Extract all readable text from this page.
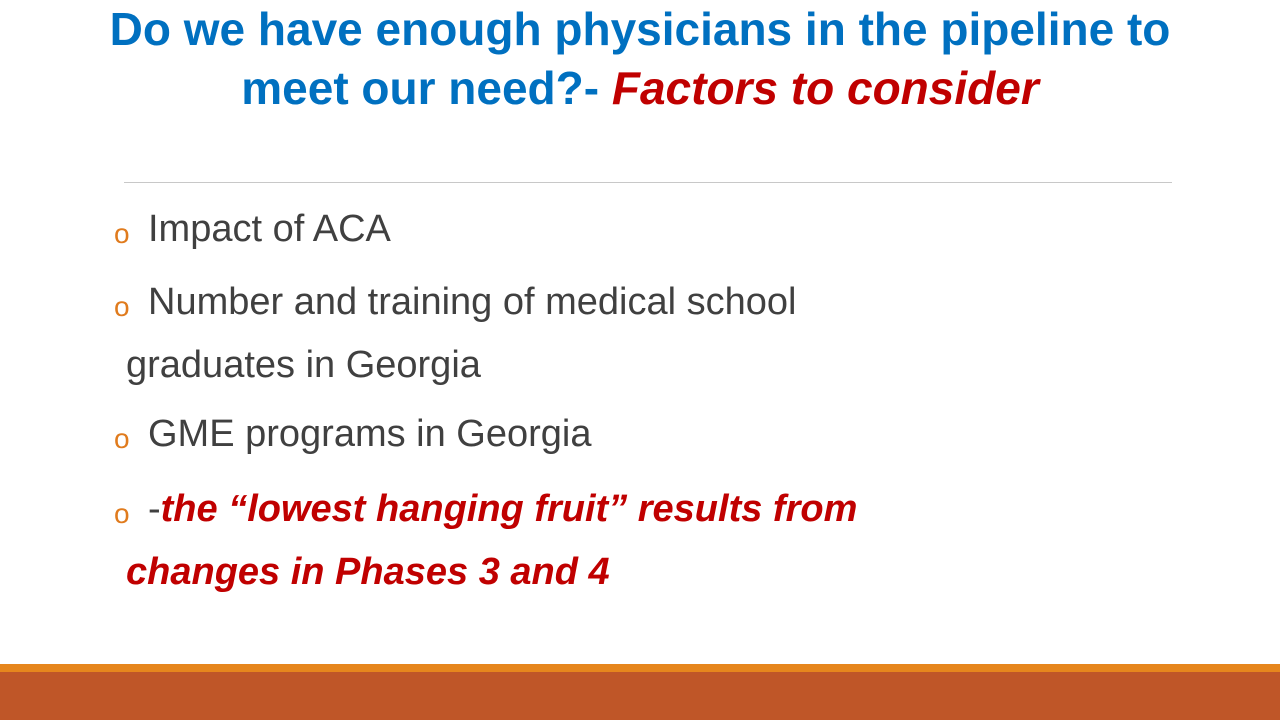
Do we have enough physicians in the pipeline to meet our need?- Factors to consider
o Impact of ACA
o Number and training of medical school
graduates in Georgia
o GME programs in Georgia
o -the “lowest hanging fruit” results from
changes in Phases 3 and 4
